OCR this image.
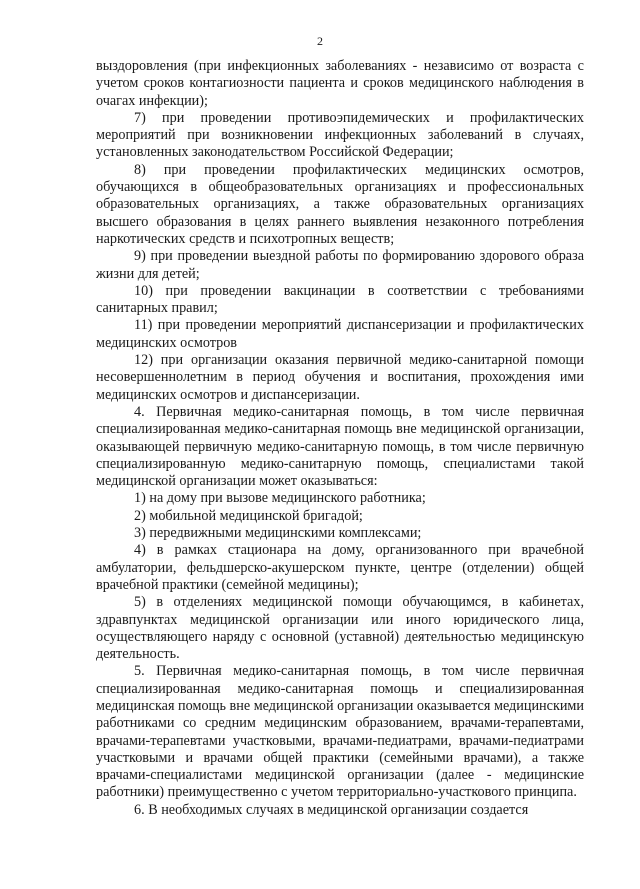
2

выздоровления (при инфекционных заболеваниях - независимо от возраста с учетом сроков контагиозности пациента и сроков медицинского наблюдения в очагах инфекции);

7) при проведении противоэпидемических и профилактических мероприятий при возникновении инфекционных заболеваний в случаях, установленных законодательством Российской Федерации;

8) при проведении профилактических медицинских осмотров, обучающихся в общеобразовательных организациях и профессиональных образовательных организациях, а также образовательных организациях высшего образования в целях раннего выявления незаконного потребления наркотических средств и психотропных веществ;

9) при проведении выездной работы по формированию здорового образа жизни для детей;

10) при проведении вакцинации в соответствии с требованиями санитарных правил;

11) при проведении мероприятий диспансеризации и профилактических медицинских осмотров

12) при организации оказания первичной медико-санитарной помощи несовершеннолетним в период обучения и воспитания, прохождения ими медицинских осмотров и диспансеризации.

4. Первичная медико-санитарная помощь, в том числе первичная специализированная медико-санитарная помощь вне медицинской организации, оказывающей первичную медико-санитарную помощь, в том числе первичную специализированную медико-санитарную помощь, специалистами такой медицинской организации может оказываться:

1) на дому при вызове медицинского работника;

2) мобильной медицинской бригадой;

3) передвижными медицинскими комплексами;

4) в рамках стационара на дому, организованного при врачебной амбулатории, фельдшерско-акушерском пункте, центре (отделении) общей врачебной практики (семейной медицины);

5) в отделениях медицинской помощи обучающимся, в кабинетах, здравпунктах медицинской организации или иного юридического лица, осуществляющего наряду с основной (уставной) деятельностью медицинскую деятельность.

5. Первичная медико-санитарная помощь, в том числе первичная специализированная медико-санитарная помощь и специализированная медицинская помощь вне медицинской организации оказывается медицинскими работниками со средним медицинским образованием, врачами-терапевтами, врачами-терапевтами участковыми, врачами-педиатрами, врачами-педиатрами участковыми и врачами общей практики (семейными врачами), а также врачами-специалистами медицинской организации (далее - медицинские работники) преимущественно с учетом территориально-участкового принципа.

6. В необходимых случаях в медицинской организации создается
